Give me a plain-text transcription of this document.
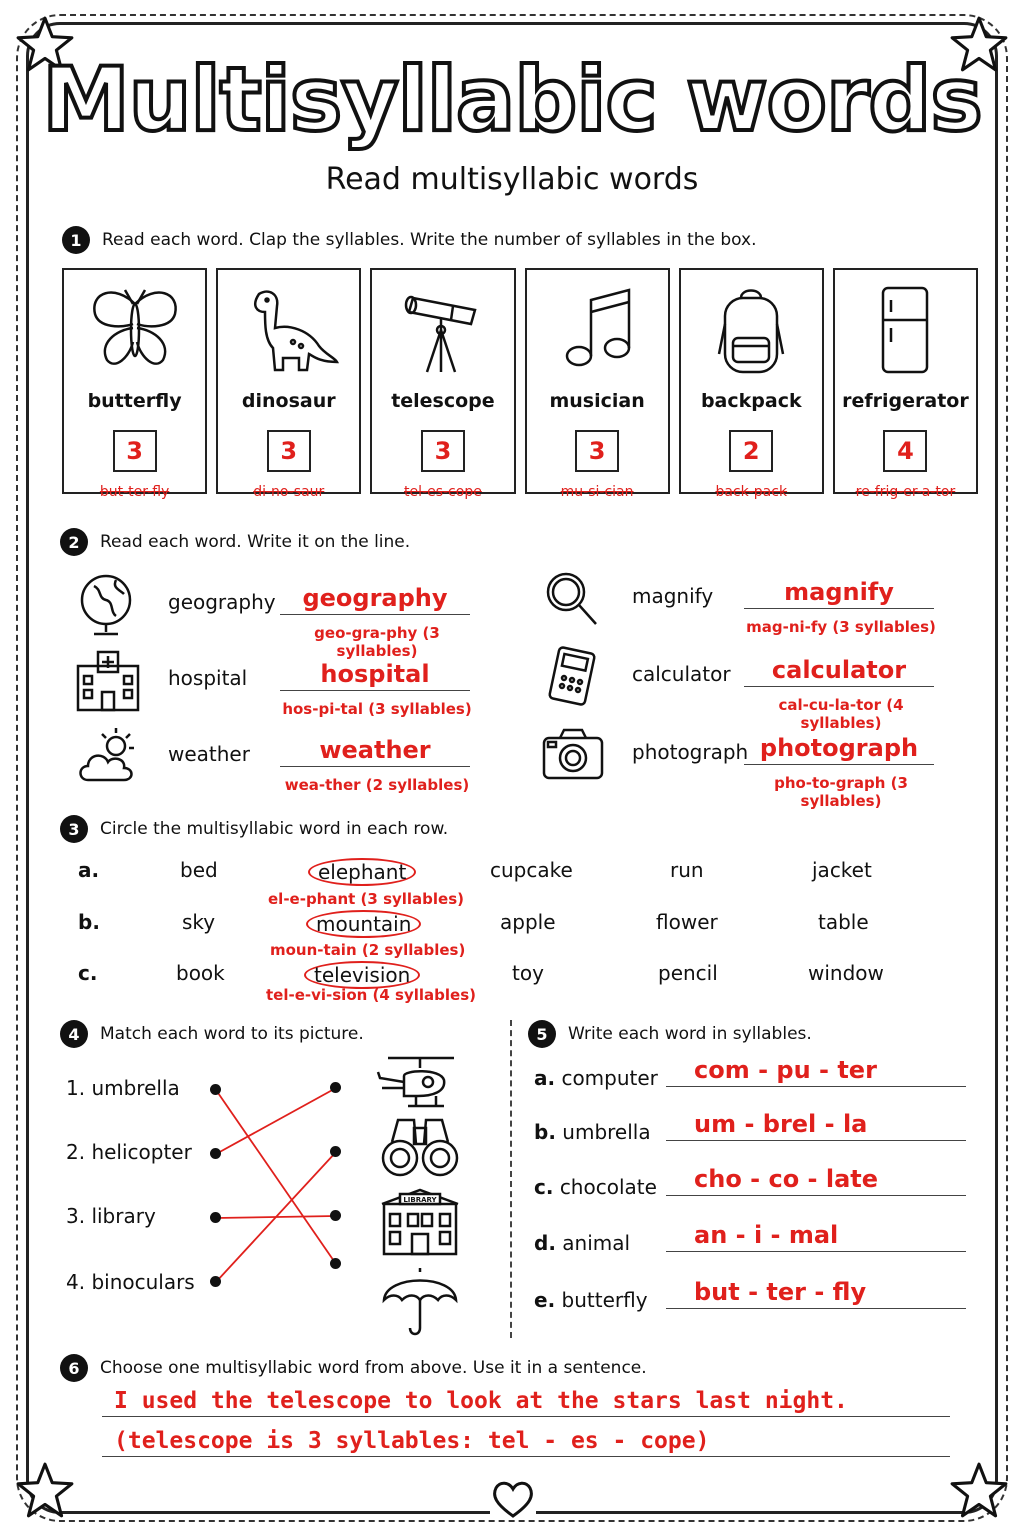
Multisyllabic words
Read multisyllabic words
1	Read each word. Clap the syllables. Write the number of syllables in the box.
butterfly
3
but-ter-fly
dinosaur
3
di-no-saur
telescope
3
tel-es-cope
musician
3
mu-si-cian
backpack
2
back-pack
refrigerator
4
re-frig-er-a-tor
2	Read each word. Write it on the line.
geography	geography
geo-gra-phy (3 syllables)
hospital	hospital
hos-pi-tal (3 syllables)
weather	weather
wea-ther (2 syllables)
magnify	magnify
mag-ni-fy (3 syllables)
calculator	calculator
cal-cu-la-tor (4 syllables)
photograph photograph
pho-to-graph (3 syllables)
3	Circle the multisyllabic word in each row.
a.	bed	elephant	cupcake	run	jacket
el-e-phant (3 syllables)
b.	sky	mountain	apple	flower	table
moun-tain (2 syllables)
c.	book	television	toy	pencil	window
tel-e-vi-sion (4 syllables)
4	Match each word to its picture.
1. umbrella
2. helicopter
3. library
4. binoculars
LIBRARY
5	Write each word in syllables.
a. computer	com - pu - ter
b. umbrella	um - brel - la
c. chocolate	cho - co - late
d. animal	an - i - mal
e. butterfly	but - ter - fly
6	Choose one multisyllabic word from above. Use it in a sentence.
I used the telescope to look at the stars last night.
(telescope is 3 syllables: tel - es - cope)
